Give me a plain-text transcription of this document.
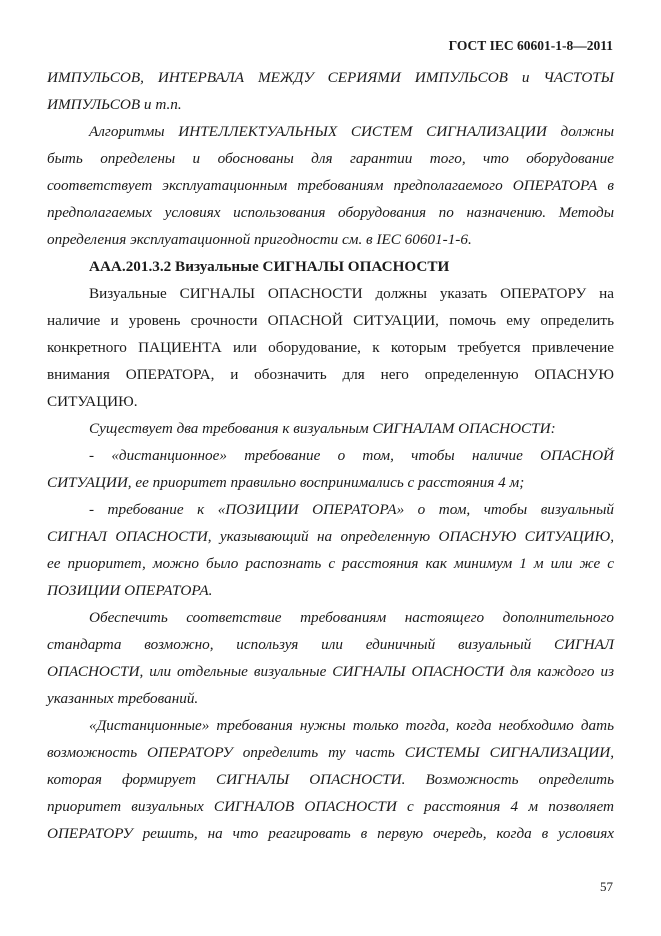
ГОСТ IEC 60601-1-8—2011
ИМПУЛЬСОВ, ИНТЕРВАЛА МЕЖДУ СЕРИЯМИ ИМПУЛЬСОВ и ЧАСТОТЫ
ИМПУЛЬСОВ и т.п.
Алгоритмы ИНТЕЛЛЕКТУАЛЬНЫХ СИСТЕМ СИГНАЛИЗАЦИИ должны
быть определены и обоснованы для гарантии того, что оборудование
соответствует эксплуатационным требованиям предполагаемого ОПЕРАТОРА в
предполагаемых условиях использования оборудования по назначению. Методы
определения эксплуатационной пригодности см. в IEC 60601-1-6.
ААА.201.3.2 Визуальные СИГНАЛЫ ОПАСНОСТИ
Визуальные СИГНАЛЫ ОПАСНОСТИ должны указать ОПЕРАТОРУ на
наличие и уровень срочности ОПАСНОЙ СИТУАЦИИ, помочь ему определить
конкретного ПАЦИЕНТА или оборудование, к которым требуется привлечение
внимания ОПЕРАТОРА, и обозначить для него определенную ОПАСНУЮ
СИТУАЦИЮ.
Существует два требования к визуальным СИГНАЛАМ ОПАСНОСТИ:
- «дистанционное» требование о том, чтобы наличие ОПАСНОЙ
СИТУАЦИИ, ее приоритет правильно воспринимались с расстояния 4 м;
- требование к «ПОЗИЦИИ ОПЕРАТОРА» о том, чтобы визуальный
СИГНАЛ ОПАСНОСТИ, указывающий на определенную ОПАСНУЮ СИТУАЦИЮ,
ее приоритет, можно было распознать с расстояния как минимум 1 м или же с
ПОЗИЦИИ ОПЕРАТОРА.
Обеспечить соответствие требованиям настоящего дополнительного
стандарта возможно, используя или единичный визуальный СИГНАЛ
ОПАСНОСТИ, или отдельные визуальные СИГНАЛЫ ОПАСНОСТИ для каждого из
указанных требований.
«Дистанционные» требования нужны только тогда, когда необходимо дать
возможность ОПЕРАТОРУ определить ту часть СИСТЕМЫ СИГНАЛИЗАЦИИ,
которая формирует СИГНАЛЫ ОПАСНОСТИ. Возможность определить
приоритет визуальных СИГНАЛОВ ОПАСНОСТИ с расстояния 4 м позволяет
ОПЕРАТОРУ решить, на что реагировать в первую очередь, когда в условиях
57
